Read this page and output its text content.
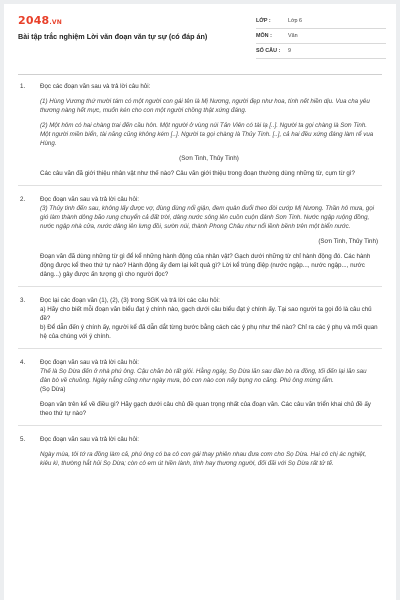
2048.VN
Bài tập trắc nghiệm Lời văn đoạn văn tự sự (có đáp án)
LỚP :	Lớp 6
MÔN :	Văn
SỐ CÂU : 9
1. Đọc các đoạn văn sau và trả lời câu hỏi:

(1) Hùng Vương thứ mười tám có một người con gái tên là Mị Nương, người đẹp như hoa, tính nết hiền dịu. Vua cha yêu thương nàng hết mực, muốn kén cho con một người chồng thật xứng đáng.

(2) Một hôm có hai chàng trai đến cầu hôn. Một người ở vùng núi Tản Viên có tài lạ [..]. Người ta gọi chàng là Sơn Tinh. Một người miền biển, tài năng cũng không kém [..]. Người ta gọi chàng là Thủy Tinh. [..], cả hai đều xứng đáng làm rể vua Hùng.

(Sơn Tinh, Thủy Tinh)

Các câu văn đã giới thiệu nhân vật như thế nào? Câu văn giới thiệu trong đoạn thường dùng những từ, cụm từ gì?

2. Đọc đoạn văn sau và trả lời câu hỏi:

(3) Thủy tinh đến sau, không lấy được vợ, đùng đùng nổi giận, đem quân đuổi theo đòi cướp Mị Nương. Thần hô mưa, gọi gió làm thành dông bão rung chuyển cả đất trời, dâng nước sông lên cuồn cuộn đánh Sơn Tinh. Nước ngập ruộng đồng, nước ngập nhà cửa, nước dâng lên lưng đồi, sườn núi, thành Phong Châu như nổi lềnh bềnh trên một biển nước.

(Sơn Tinh, Thủy Tinh)

Đoạn văn đã dùng những từ gì để kể những hành động của nhân vật? Gạch dưới những từ chỉ hành động đó. Các hành động được kể theo thứ tự nào? Hành động ấy đem lại kết quả gì? Lời kể trùng điệp (nước ngập..., nước ngập..., nước dâng...) gây được ấn tượng gì cho người đọc?

3. Đọc lại các đoạn văn (1), (2), (3) trong SGK và trả lời các câu hỏi:

a) Hãy cho biết mỗi đoạn văn biểu đạt ý chính nào, gạch dưới câu biểu đạt ý chính ấy. Tại sao người ta gọi đó là câu chủ đề?

b) Để dẫn đến ý chính ấy, người kể đã dẫn dắt từng bước bằng cách các ý phụ như thế nào? Chỉ ra các ý phụ và mối quan hệ của chúng với ý chính.

4. Đọc đoạn văn sau và trả lời câu hỏi:

Thế là Sọ Dừa đến ở nhà phú ông. Cậu chăn bò rất giỏi. Hằng ngày, Sọ Dừa lăn sau đàn bò ra đồng, tối đến lại lăn sau đàn bò về chuồng. Ngày nắng cũng như ngày mưa, bò con nào con nấy bụng no căng. Phú ông mừng lắm.

(Sọ Dừa)

Đoạn văn trên kể về điều gì? Hãy gạch dưới câu chủ đề quan trọng nhất của đoạn văn. Các câu văn triển khai chủ đề ấy theo thứ tự nào?

5. Đọc đoạn văn sau và trả lời câu hỏi:

Ngày mùa, tôi tớ ra đồng làm cả, phú ông có ba cô con gái thay phiên nhau đưa cơm cho Sọ Dừa. Hai cô chị ác nghiệt, kiêu kì, thường hắt hủi Sọ Dừa; còn cô em út hiền lành, tính hay thương người, đối đãi với Sọ Dừa rất tử tế.
